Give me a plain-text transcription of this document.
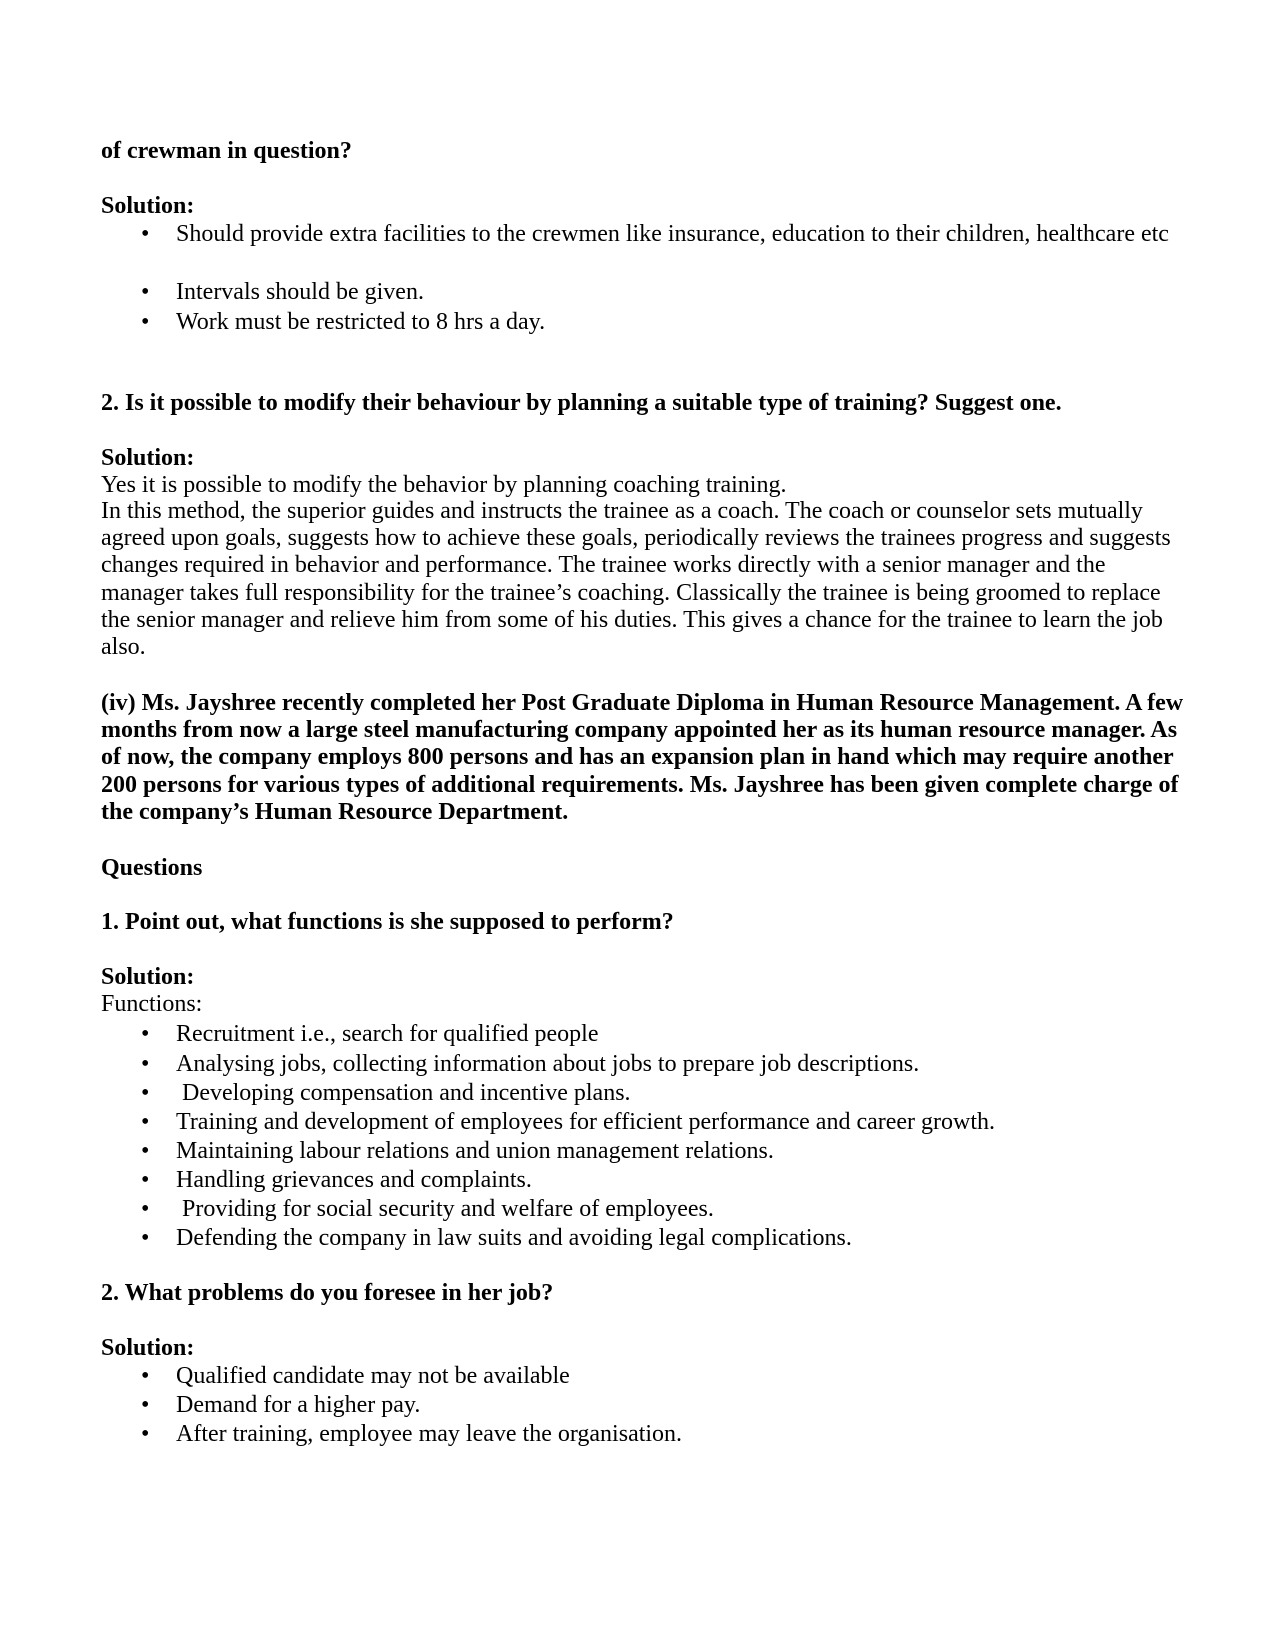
of crewman in question?
Solution:
•	Should provide extra facilities to the crewmen like insurance, education to their children, healthcare etc
•	Intervals should be given.
•	Work must be restricted to 8 hrs a day.
2. Is it possible to modify their behaviour by planning a suitable type of training? Suggest one.
Solution:
Yes it is possible to modify the behavior by planning coaching training.
In this method, the superior guides and instructs the trainee as a coach. The coach or counselor sets mutually agreed upon goals, suggests how to achieve these goals, periodically reviews the trainees progress and suggests changes required in behavior and performance. The trainee works directly with a senior manager and the manager takes full responsibility for the trainee’s coaching. Classically the trainee is being groomed to replace the senior manager and relieve him from some of his duties. This gives a chance for the trainee to learn the job also.
(iv) Ms. Jayshree recently completed her Post Graduate Diploma in Human Resource Management. A few months from now a large steel manufacturing company appointed her as its human resource manager. As of now, the company employs 800 persons and has an expansion plan in hand which may require another 200 persons for various types of additional requirements. Ms. Jayshree has been given complete charge of the company’s Human Resource Department.
Questions
1. Point out, what functions is she supposed to perform?
Solution:
Functions:
•	Recruitment i.e., search for qualified people
•	Analysing jobs, collecting information about jobs to prepare job descriptions.
•	Developing compensation and incentive plans.
•	Training and development of employees for efficient performance and career growth.
•	Maintaining labour relations and union management relations.
•	Handling grievances and complaints.
•	Providing for social security and welfare of employees.
•	Defending the company in law suits and avoiding legal complications.
2. What problems do you foresee in her job?
Solution:
•	Qualified candidate may not be available
•	Demand for a higher pay.
•	After training, employee may leave the organisation.
